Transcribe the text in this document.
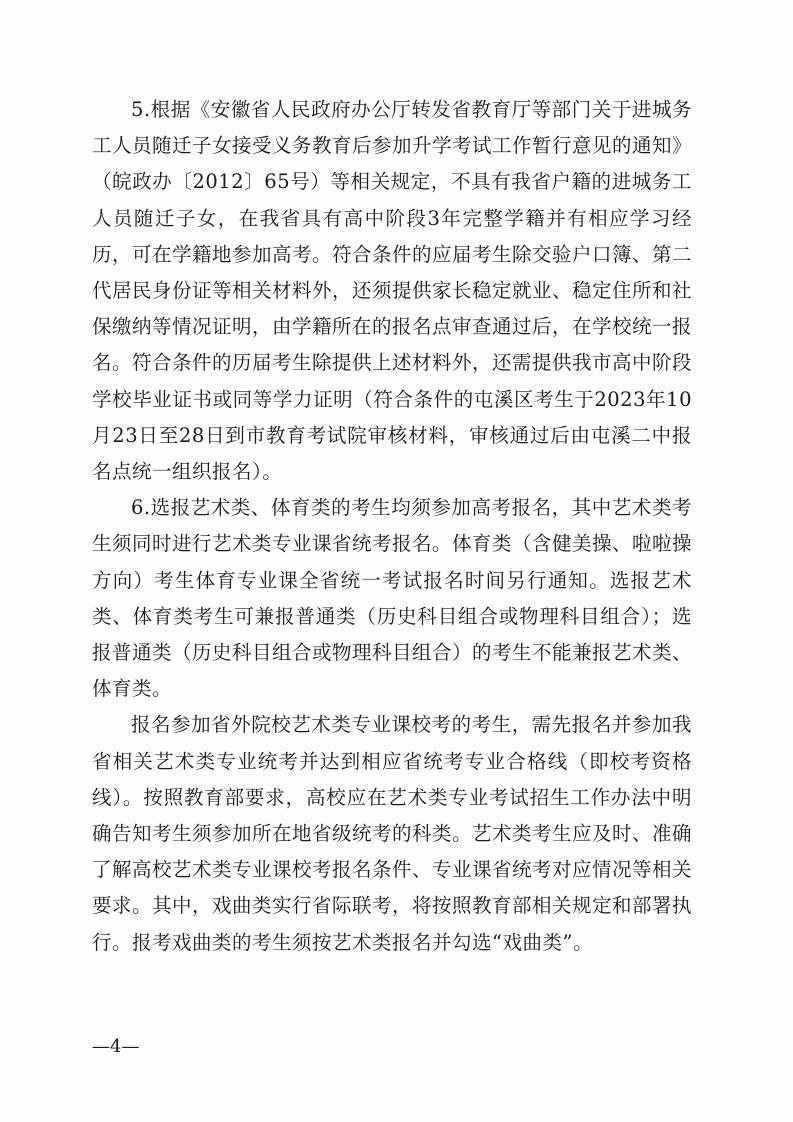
5.根据《安徽省人民政府办公厅转发省教育厅等部门关于进城务工人员随迁子女接受义务教育后参加升学考试工作暂行意见的通知》（皖政办〔2012〕65号）等相关规定，不具有我省户籍的进城务工人员随迁子女，在我省具有高中阶段3年完整学籍并有相应学习经历，可在学籍地参加高考。符合条件的应届考生除交验户口簿、第二代居民身份证等相关材料外，还须提供家长稳定就业、稳定住所和社保缴纳等情况证明，由学籍所在的报名点审查通过后，在学校统一报名。符合条件的历届考生除提供上述材料外，还需提供我市高中阶段学校毕业证书或同等学力证明（符合条件的屯溪区考生于2023年10月23日至28日到市教育考试院审核材料，审核通过后由屯溪二中报名点统一组织报名）。

6.选报艺术类、体育类的考生均须参加高考报名，其中艺术类考生须同时进行艺术类专业课省统考报名。体育类（含健美操、啦啦操方向）考生体育专业课全省统一考试报名时间另行通知。选报艺术类、体育类考生可兼报普通类（历史科目组合或物理科目组合）；选报普通类（历史科目组合或物理科目组合）的考生不能兼报艺术类、体育类。

报名参加省外院校艺术类专业课校考的考生，需先报名并参加我省相关艺术类专业统考并达到相应省统考专业合格线（即校考资格线）。按照教育部要求，高校应在艺术类专业考试招生工作办法中明确告知考生须参加所在地省级统考的科类。艺术类考生应及时、准确了解高校艺术类专业课校考报名条件、专业课省统考对应情况等相关要求。其中，戏曲类实行省际联考，将按照教育部相关规定和部署执行。报考戏曲类的考生须按艺术类报名并勾选“戏曲类”。

—4—
